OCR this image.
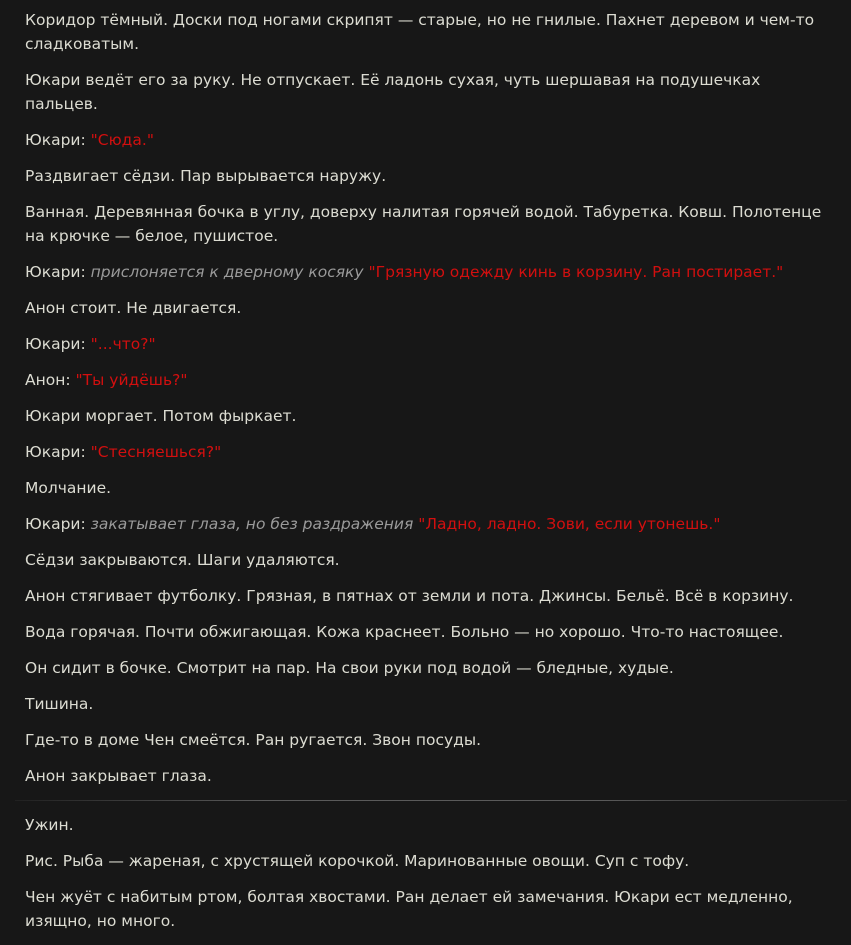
Коридор тёмный. Доски под ногами скрипят — старые, но не гнилые. Пахнет деревом и чем-то сладковатым.

Юкари ведёт его за руку. Не отпускает. Её ладонь сухая, чуть шершавая на подушечках пальцев.

Юкари: "Сюда."

Раздвигает сёдзи. Пар вырывается наружу.

Ванная. Деревянная бочка в углу, доверху налитая горячей водой. Табуретка. Ковш. Полотенце на крючке — белое, пушистое.

Юкари: прислоняется к дверному косяку "Грязную одежду кинь в корзину. Ран постирает."

Анон стоит. Не двигается.

Юкари: "...что?"

Анон: "Ты уйдёшь?"

Юкари моргает. Потом фыркает.

Юкари: "Стесняешься?"

Молчание.

Юкари: закатывает глаза, но без раздражения "Ладно, ладно. Зови, если утонешь."

Сёдзи закрываются. Шаги удаляются.

Анон стягивает футболку. Грязная, в пятнах от земли и пота. Джинсы. Бельё. Всё в корзину.

Вода горячая. Почти обжигающая. Кожа краснеет. Больно — но хорошо. Что-то настоящее.

Он сидит в бочке. Смотрит на пар. На свои руки под водой — бледные, худые.

Тишина.

Где-то в доме Чен смеётся. Ран ругается. Звон посуды.

Анон закрывает глаза.

Ужин.

Рис. Рыба — жареная, с хрустящей корочкой. Маринованные овощи. Суп с тофу.

Чен жуёт с набитым ртом, болтая хвостами. Ран делает ей замечания. Юкари ест медленно, изящно, но много.
